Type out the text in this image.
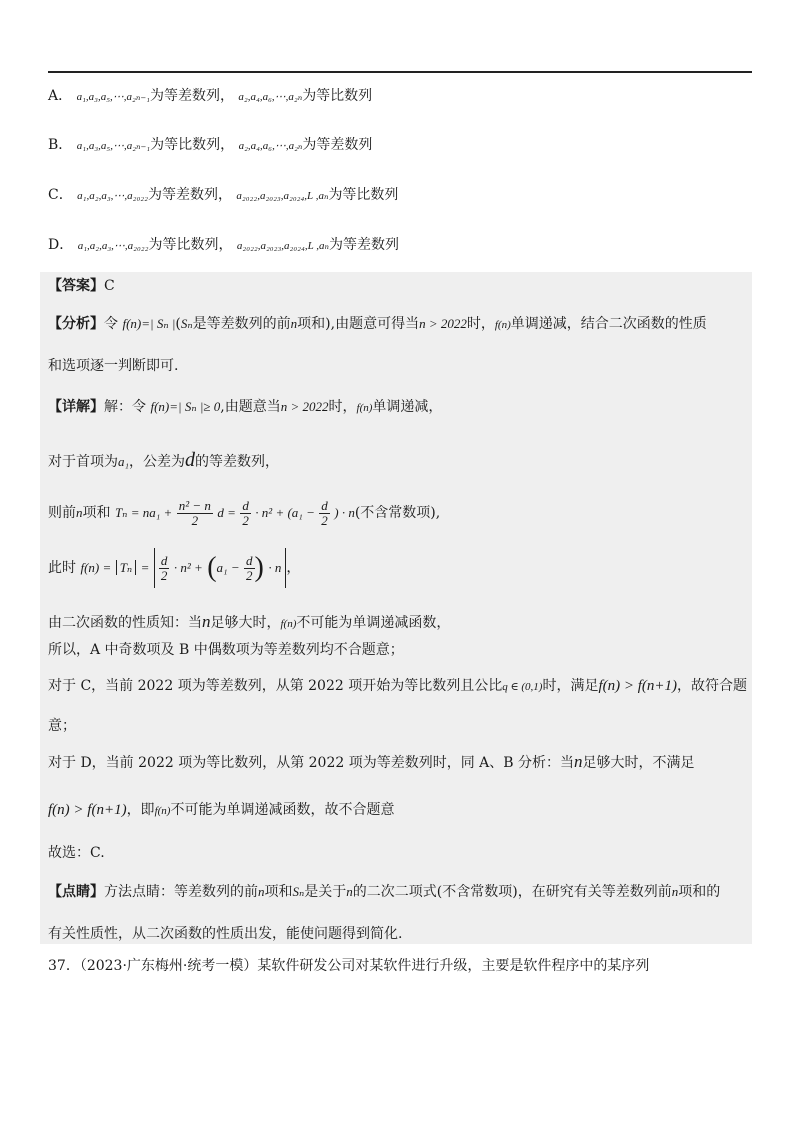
A． a₁,a₃,a₅,⋯,a₂ₙ₋₁为等差数列， a₂,a₄,a₆,⋯,a₂ₙ为等比数列
B． a₁,a₃,a₅,⋯,a₂ₙ₋₁为等比数列， a₂,a₄,a₆,⋯,a₂ₙ为等差数列
C． a₁,a₂,a₃,⋯,a₂₀₂₂为等差数列， a₂₀₂₂,a₂₀₂₃,a₂₀₂₄,L ,aₙ为等比数列
D． a₁,a₂,a₃,⋯,a₂₀₂₂为等比数列， a₂₀₂₂,a₂₀₂₃,a₂₀₂₄,L ,aₙ为等差数列
【答案】C
【分析】令 f(n)=| Sₙ |(Sₙ是等差数列的前n项和),由题意可得当n > 2022时，f(n)单调递减，结合二次函数的性质
和选项逐一判断即可.
【详解】解：令 f(n)=| Sₙ |≥ 0,由题意当n > 2022时，f(n)单调递减，
对于首项为a₁，公差为d的等差数列，
则前n项和 $T_n = na_1 + \frac{\text{n² − n}}{2}$ $d = \frac{d}{2} \cdot n^2 + (a_1 - \frac{d}{2}$ ) · n(不含常数项),
此时 $f(n) = T_n = \frac{d}{2} \cdot n^2 + (a_1 - \frac{d}{2}$ ) · n ，
由二次函数的性质知：当n足够大时，f(n)不可能为单调递减函数，
所以，A 中奇数项及 B 中偶数项为等差数列均不合题意；
对于 C，当前 2022 项为等差数列，从第 2022 项开始为等比数列且公比q ∈ (0,1)时，满足f(n) > f(n+1)，故符合题
意；
对于 D，当前 2022 项为等比数列，从第 2022 项为等差数列时，同 A、B 分析：当n足够大时，不满足
f(n) > f(n+1)，即f(n)不可能为单调递减函数，故不合题意
故选：C.
【点睛】方法点睛：等差数列的前n项和Sₙ是关于n的二次二项式(不含常数项)，在研究有关等差数列前n项和的
有关性质性，从二次函数的性质出发，能使问题得到简化.
37．（2023·广东梅州·统考一模）某软件研发公司对某软件进行升级，主要是软件程序中的某序列
